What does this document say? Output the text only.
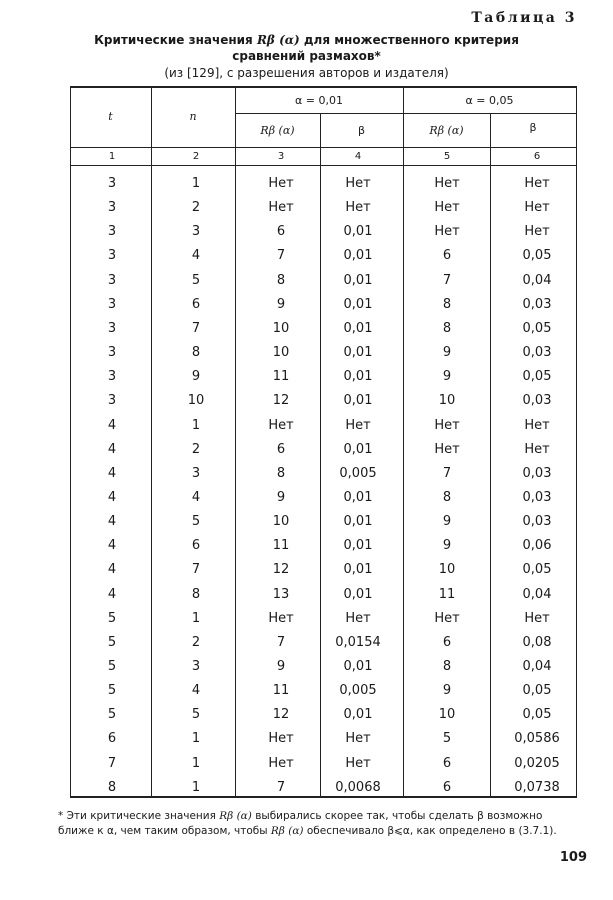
Таблица 3
Критические значения Rβ (α) для множественного критерия
сравнений размахов*
(из [129], с разрешения авторов и издателя)
t	n
α = 0,01	α = 0,05
Rβ (α)	β	Rβ (α)	β
1	2	3	4	5	6
3	1	Нет	Нет	Нет	Нет
3	2	Нет	Нет	Нет	Нет
3	3	6	0,01	Нет	Нет
3	4	7	0,01	6	0,05
3	5	8	0,01	7	0,04
3	6	9	0,01	8	0,03
3	7	10	0,01	8	0,05
3	8	10	0,01	9	0,03
3	9	11	0,01	9	0,05
3	10	12	0,01	10	0,03
4	1	Нет	Нет	Нет	Нет
4	2	6	0,01	Нет	Нет
4	3	8	0,005	7	0,03
4	4	9	0,01	8	0,03
4	5	10	0,01	9	0,03
4	6	11	0,01	9	0,06
4	7	12	0,01	10	0,05
4	8	13	0,01	11	0,04
5	1	Нет	Нет	Нет	Нет
5	2	7	0,0154	6	0,08
5	3	9	0,01	8	0,04
5	4	11	0,005	9	0,05
5	5	12	0,01	10	0,05
6	1	Нет	Нет	5	0,0586
7	1	Нет	Нет	6	0,0205
8	1	7	0,0068	6	0,0738
* Эти критические значения Rβ (α) выбирались скорее так, чтобы сделать β возможно
ближе к α, чем таким образом, чтобы Rβ (α) обеспечивало β⩽α, как определено в (3.7.1).
109
